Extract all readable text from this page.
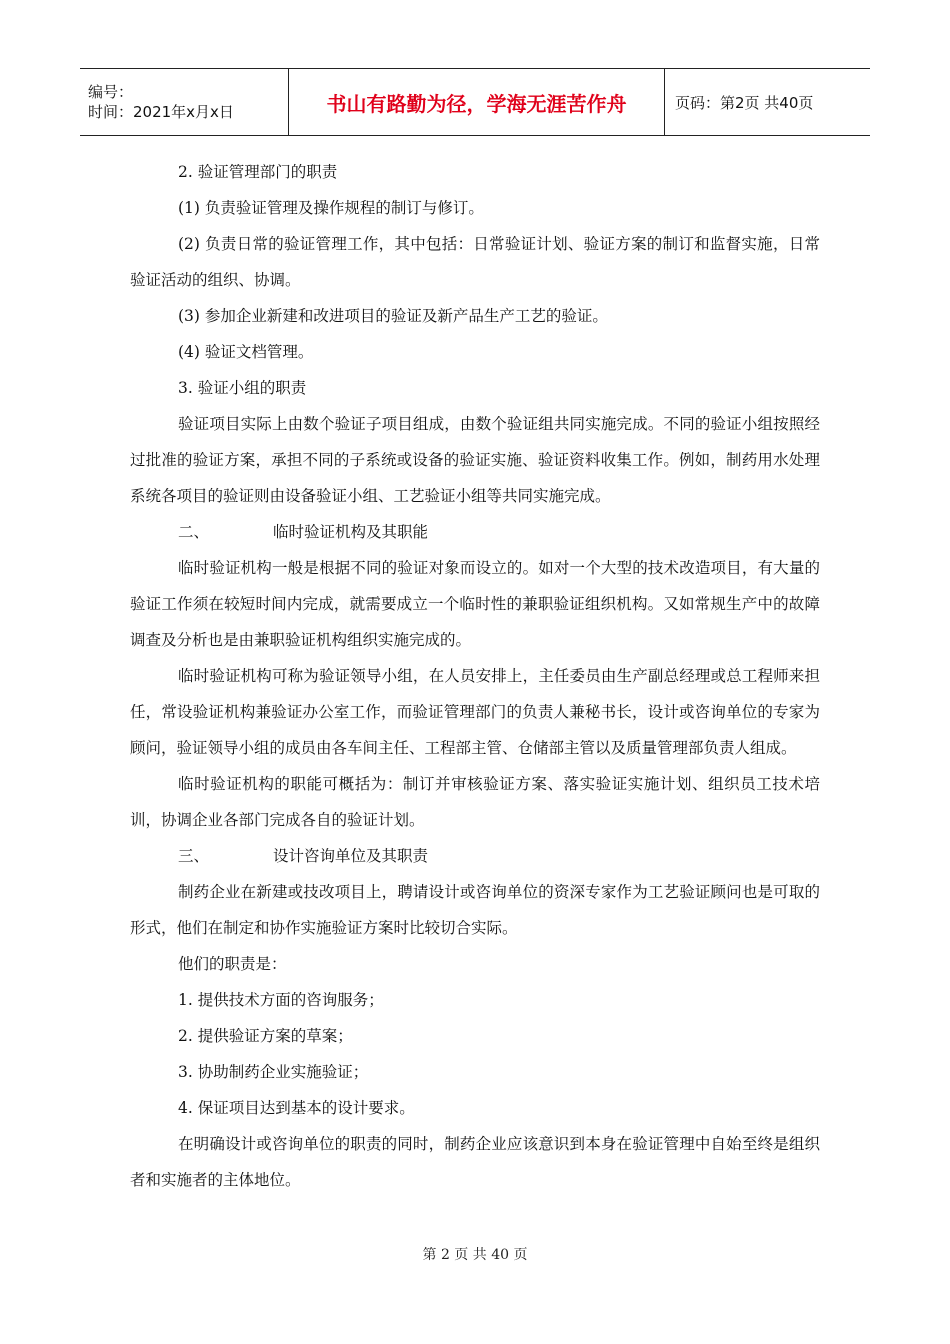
编号：
时间：2021年x月x日	书山有路勤为径，学海无涯苦作舟	页码：第2页 共40页

2. 验证管理部门的职责

(1) 负责验证管理及操作规程的制订与修订。

(2) 负责日常的验证管理工作，其中包括：日常验证计划、验证方案的制订和监督实施，日常验证活动的组织、协调。

(3) 参加企业新建和改进项目的验证及新产品生产工艺的验证。

(4) 验证文档管理。

3. 验证小组的职责

验证项目实际上由数个验证子项目组成，由数个验证组共同实施完成。不同的验证小组按照经过批准的验证方案，承担不同的子系统或设备的验证实施、验证资料收集工作。例如，制药用水处理系统各项目的验证则由设备验证小组、工艺验证小组等共同实施完成。

二、	临时验证机构及其职能

临时验证机构一般是根据不同的验证对象而设立的。如对一个大型的技术改造项目，有大量的验证工作须在较短时间内完成，就需要成立一个临时性的兼职验证组织机构。又如常规生产中的故障调查及分析也是由兼职验证机构组织实施完成的。

临时验证机构可称为验证领导小组，在人员安排上，主任委员由生产副总经理或总工程师来担任，常设验证机构兼验证办公室工作，而验证管理部门的负责人兼秘书长，设计或咨询单位的专家为顾问，验证领导小组的成员由各车间主任、工程部主管、仓储部主管以及质量管理部负责人组成。

临时验证机构的职能可概括为：制订并审核验证方案、落实验证实施计划、组织员工技术培训，协调企业各部门完成各自的验证计划。

三、	设计咨询单位及其职责

制药企业在新建或技改项目上，聘请设计或咨询单位的资深专家作为工艺验证顾问也是可取的形式，他们在制定和协作实施验证方案时比较切合实际。

他们的职责是：

1. 提供技术方面的咨询服务；

2. 提供验证方案的草案；

3. 协助制药企业实施验证；

4. 保证项目达到基本的设计要求。

在明确设计或咨询单位的职责的同时，制药企业应该意识到本身在验证管理中自始至终是组织者和实施者的主体地位。

第 2 页 共 40 页
